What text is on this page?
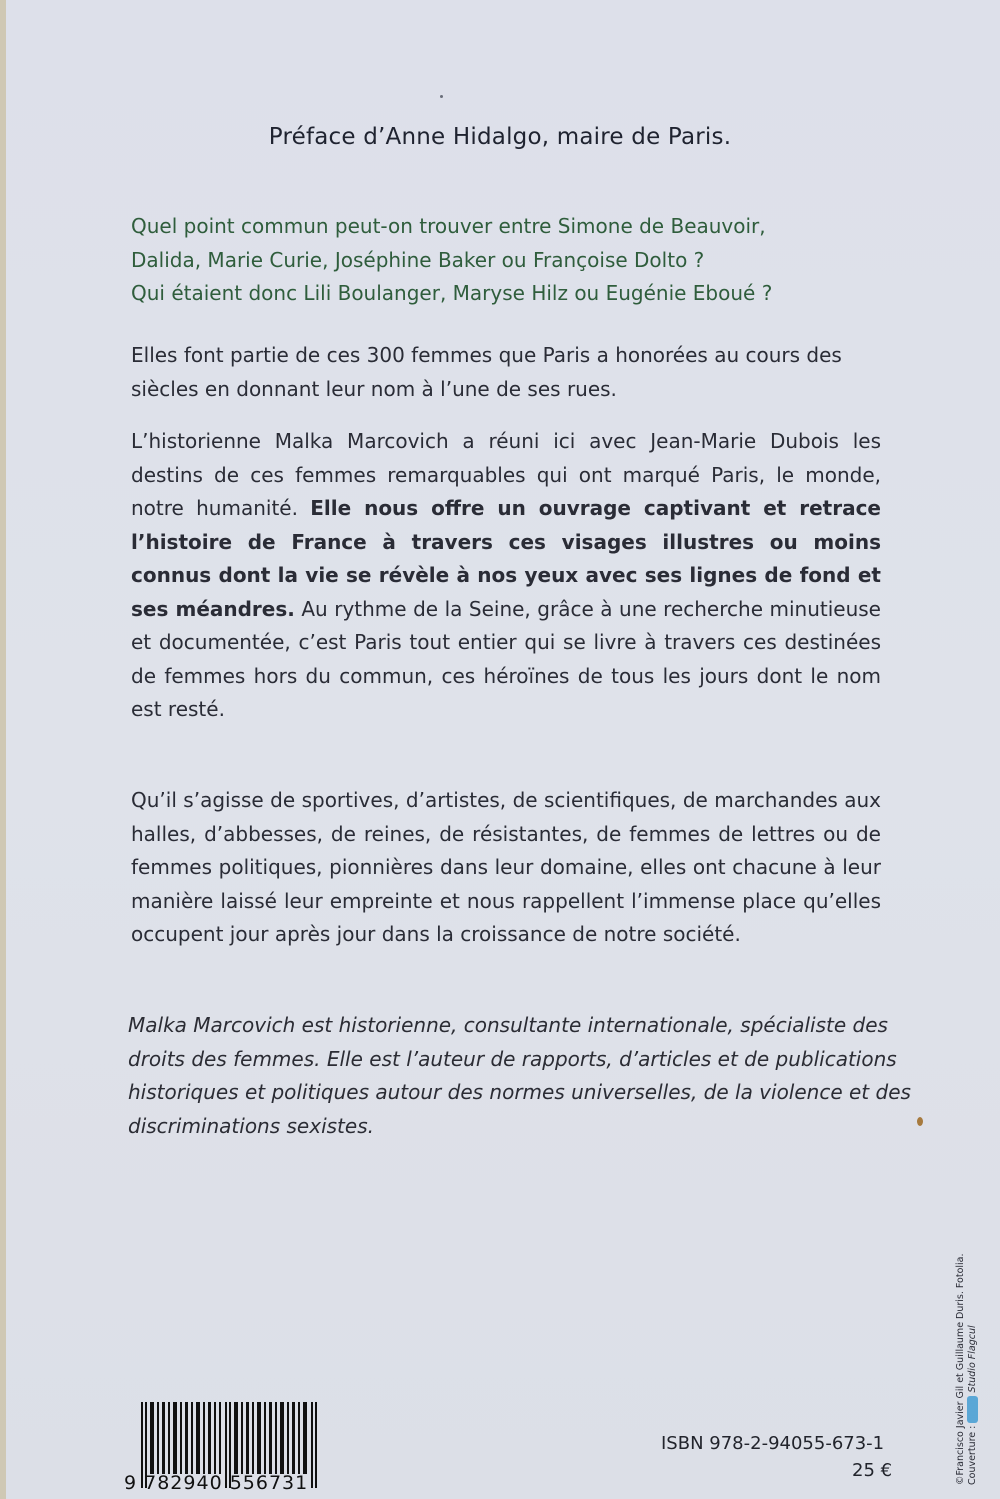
Préface d’Anne Hidalgo, maire de Paris.
Quel point commun peut-on trouver entre Simone de Beauvoir,
Dalida, Marie Curie, Joséphine Baker ou Françoise Dolto ?
Qui étaient donc Lili Boulanger, Maryse Hilz ou Eugénie Eboué ?
Elles font partie de ces 300 femmes que Paris a honorées au cours des siècles en donnant leur nom à l’une de ses rues.
L’historienne Malka Marcovich a réuni ici avec Jean-Marie Dubois les destins de ces femmes remarquables qui ont marqué Paris, le monde, notre humanité. Elle nous offre un ouvrage captivant et retrace l’histoire de France à travers ces visages illustres ou moins connus dont la vie se révèle à nos yeux avec ses lignes de fond et ses méandres. Au rythme de la Seine, grâce à une recherche minutieuse et documentée, c’est Paris tout entier qui se livre à travers ces destinées de femmes hors du commun, ces héroïnes de tous les jours dont le nom est resté.
Qu’il s’agisse de sportives, d’artistes, de scientifiques, de marchandes aux halles, d’abbesses, de reines, de résistantes, de femmes de lettres ou de femmes politiques, pionnières dans leur domaine, elles ont chacune à leur manière laissé leur empreinte et nous rappellent l’immense place qu’elles occupent jour après jour dans la croissance de notre société.
Malka Marcovich est historienne, consultante internationale, spécialiste des droits des femmes. Elle est l’auteur de rapports, d’articles et de publications historiques et politiques autour des normes universelles, de la violence et des discriminations sexistes.
9 782940 556731
ISBN 978-2-94055-673-1
25 €	©Francisco Javier Gil et Guillaume Duris. Fotolia. Couverture : mah Studio Flagcul
